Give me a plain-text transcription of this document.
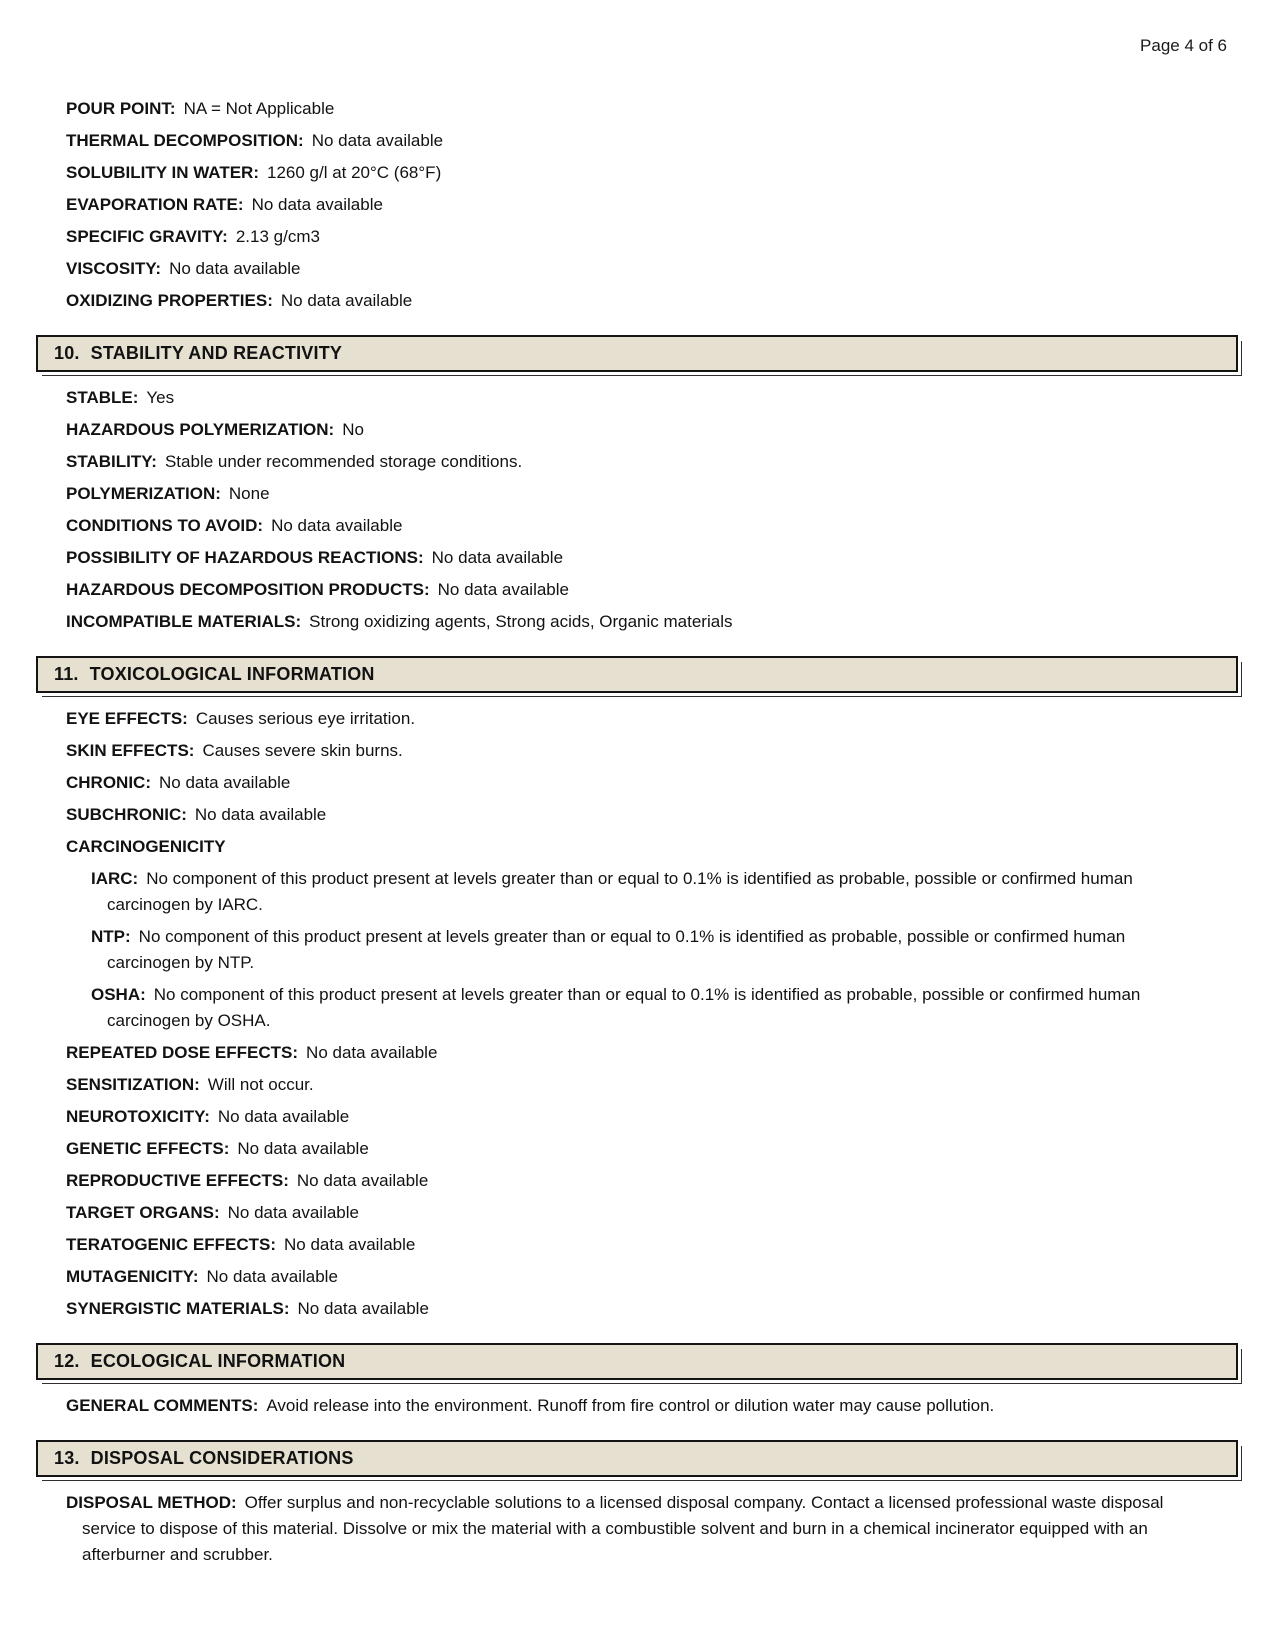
Page 4 of 6

POUR POINT: NA = Not Applicable

THERMAL DECOMPOSITION: No data available

SOLUBILITY IN WATER: 1260 g/l at 20°C (68°F)

EVAPORATION RATE: No data available

SPECIFIC GRAVITY: 2.13 g/cm3

VISCOSITY: No data available

OXIDIZING PROPERTIES: No data available

10. STABILITY AND REACTIVITY

STABLE: Yes

HAZARDOUS POLYMERIZATION: No

STABILITY: Stable under recommended storage conditions.

POLYMERIZATION: None

CONDITIONS TO AVOID: No data available

POSSIBILITY OF HAZARDOUS REACTIONS: No data available

HAZARDOUS DECOMPOSITION PRODUCTS: No data available

INCOMPATIBLE MATERIALS: Strong oxidizing agents, Strong acids, Organic materials

11. TOXICOLOGICAL INFORMATION

EYE EFFECTS: Causes serious eye irritation.

SKIN EFFECTS: Causes severe skin burns.

CHRONIC: No data available

SUBCHRONIC: No data available

CARCINOGENICITY

IARC: No component of this product present at levels greater than or equal to 0.1% is identified as probable, possible or confirmed human carcinogen by IARC.

NTP: No component of this product present at levels greater than or equal to 0.1% is identified as probable, possible or confirmed human carcinogen by NTP.

OSHA: No component of this product present at levels greater than or equal to 0.1% is identified as probable, possible or confirmed human carcinogen by OSHA.

REPEATED DOSE EFFECTS: No data available

SENSITIZATION: Will not occur.

NEUROTOXICITY: No data available

GENETIC EFFECTS: No data available

REPRODUCTIVE EFFECTS: No data available

TARGET ORGANS: No data available

TERATOGENIC EFFECTS: No data available

MUTAGENICITY: No data available

SYNERGISTIC MATERIALS: No data available

12. ECOLOGICAL INFORMATION

GENERAL COMMENTS: Avoid release into the environment. Runoff from fire control or dilution water may cause pollution.

13. DISPOSAL CONSIDERATIONS

DISPOSAL METHOD: Offer surplus and non-recyclable solutions to a licensed disposal company. Contact a licensed professional waste disposal service to dispose of this material. Dissolve or mix the material with a combustible solvent and burn in a chemical incinerator equipped with an afterburner and scrubber.
